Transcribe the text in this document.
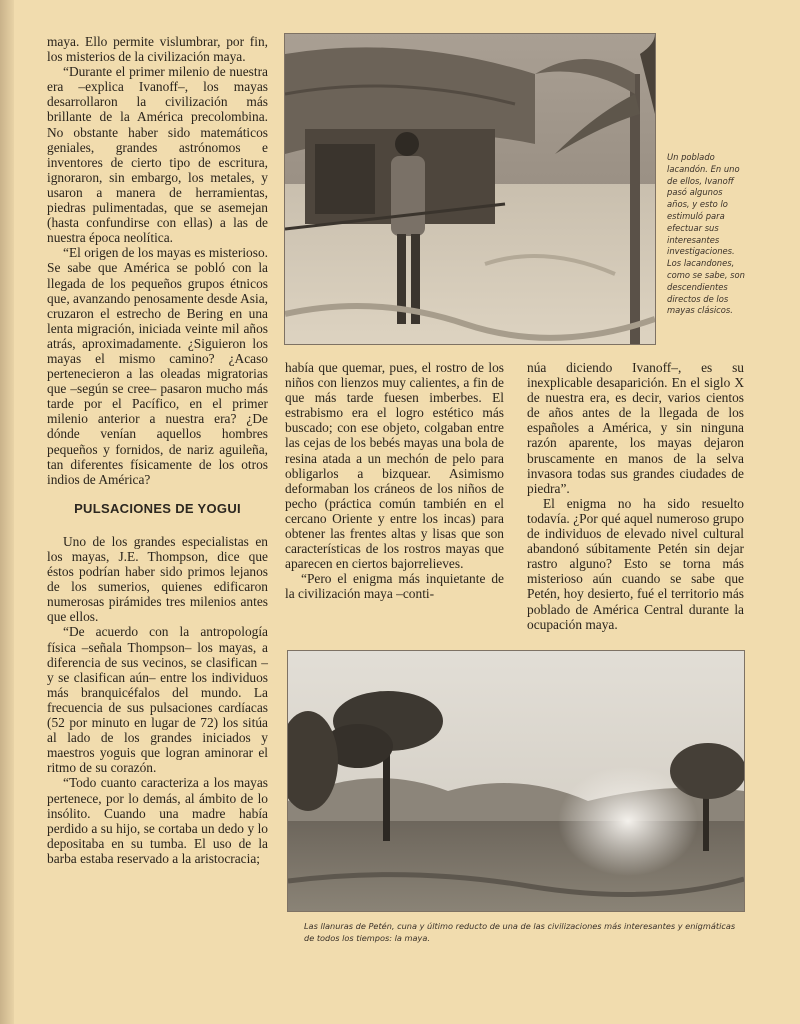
maya. Ello permite vislumbrar, por fin, los misterios de la civilización maya.

“Durante el primer milenio de nuestra era –explica Ivanoff–, los mayas desarrollaron la civilización más brillante de la América precolombina. No obstante haber sido matemáticos geniales, grandes astrónomos e inventores de cierto tipo de escritura, ignoraron, sin embargo, los metales, y usaron a manera de herramientas, piedras pulimentadas, que se asemejan (hasta confundirse con ellas) a las de nuestra época neolítica.

“El origen de los mayas es misterioso. Se sabe que América se pobló con la llegada de los pequeños grupos étnicos que, avanzando penosamente desde Asia, cruzaron el estrecho de Bering en una lenta migración, iniciada veinte mil años atrás, aproximadamente. ¿Siguieron los mayas el mismo camino? ¿Acaso pertenecieron a las oleadas migratorias que –según se cree– pasaron mucho más tarde por el Pacífico, en el primer milenio anterior a nuestra era? ¿De dónde venían aquellos hombres pequeños y fornidos, de nariz aguileña, tan diferentes físicamente de los otros indios de América?

PULSACIONES DE YOGUI

Uno de los grandes especialistas en los mayas, J.E. Thompson, dice que éstos podrían haber sido primos lejanos de los sumerios, quienes edificaron numerosas pirámides tres milenios antes que ellos.

“De acuerdo con la antropología física –señala Thompson– los mayas, a diferencia de sus vecinos, se clasifican –y se clasifican aún– entre los individuos más branquicéfalos del mundo. La frecuencia de sus pulsaciones cardíacas (52 por minuto en lugar de 72) los sitúa al lado de los grandes iniciados y maestros yoguis que logran aminorar el ritmo de su corazón.

“Todo cuanto caracteriza a los mayas pertenece, por lo demás, al ámbito de lo insólito. Cuando una madre había perdido a su hijo, se cortaba un dedo y lo depositaba en su tumba. El uso de la barba estaba reservado a la aristocracia;

Un poblado lacandón. En uno de ellos, Ivanoff pasó algunos años, y esto lo estimuló para efectuar sus interesantes investigaciones. Los lacandones, como se sabe, son descendientes directos de los mayas clásicos.

había que quemar, pues, el rostro de los niños con lienzos muy calientes, a fin de que más tarde fuesen imberbes. El estrabismo era el logro estético más buscado; con ese objeto, colgaban entre las cejas de los bebés mayas una bola de resina atada a un mechón de pelo para obligarlos a bizquear. Asimismo deformaban los cráneos de los niños de pecho (práctica común también en el cercano Oriente y entre los incas) para obtener las frentes altas y lisas que son características de los rostros mayas que aparecen en ciertos bajorrelieves.

“Pero el enigma más inquietante de la civilización maya –conti-

núa diciendo Ivanoff–, es su inexplicable desaparición. En el siglo X de nuestra era, es decir, varios cientos de años antes de la llegada de los españoles a América, y sin ninguna razón aparente, los mayas dejaron bruscamente en manos de la selva invasora todas sus grandes ciudades de piedra”.

El enigma no ha sido resuelto todavía. ¿Por qué aquel numeroso grupo de individuos de elevado nivel cultural abandonó súbitamente Petén sin dejar rastro alguno? Esto se torna más misterioso aún cuando se sabe que Petén, hoy desierto, fué el territorio más poblado de América Central durante la ocupación maya.

Las llanuras de Petén, cuna y último reducto de una de las civilizaciones más interesantes y enigmáticas de todos los tiempos: la maya.
